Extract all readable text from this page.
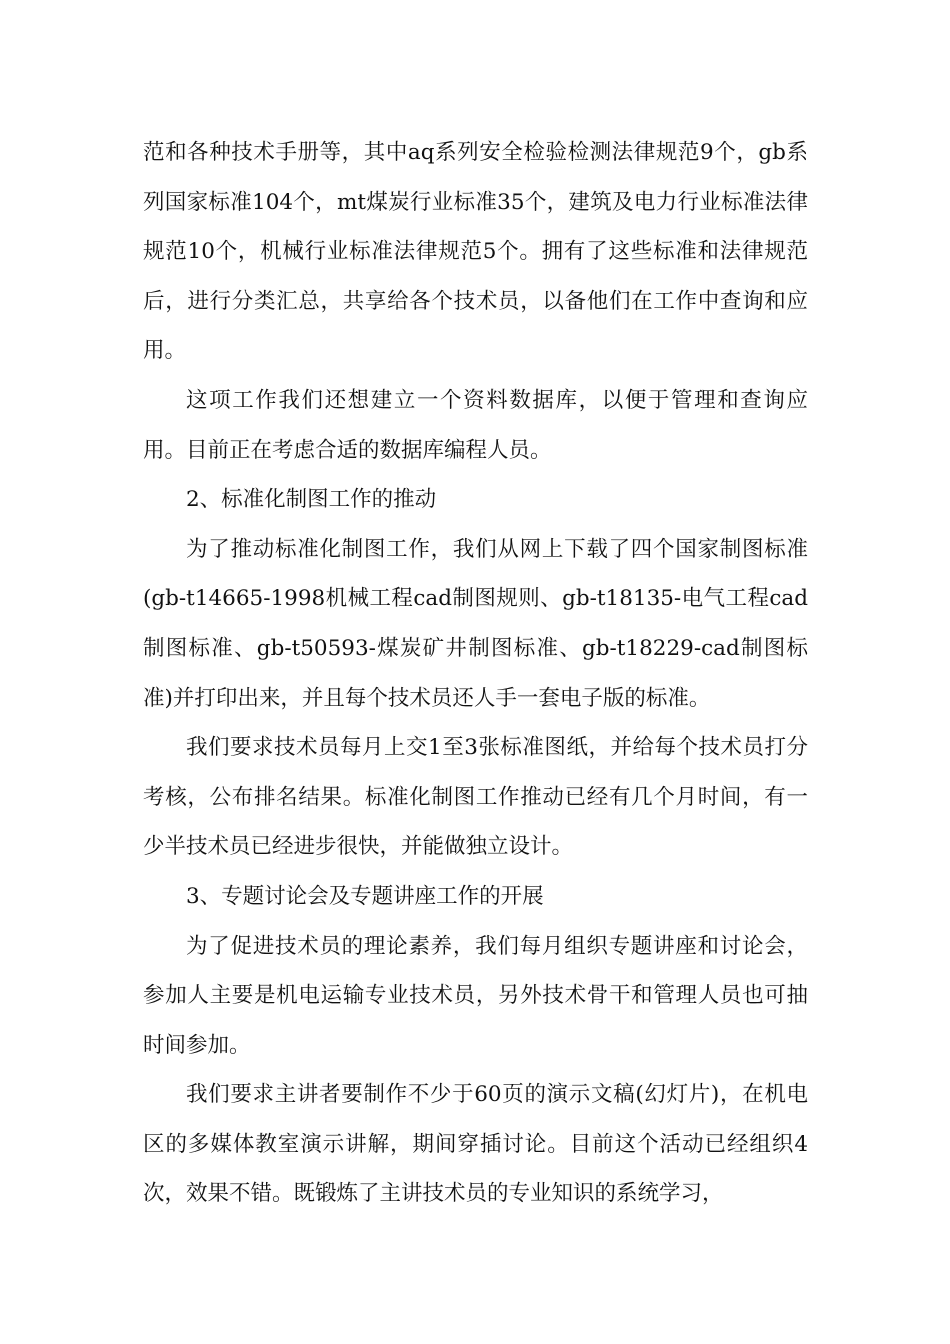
范和各种技术手册等，其中aq系列安全检验检测法律规范9个，gb系列国家标准104个，mt煤炭行业标准35个，建筑及电力行业标准法律规范10个，机械行业标准法律规范5个。拥有了这些标准和法律规范后，进行分类汇总，共享给各个技术员，以备他们在工作中查询和应用。

这项工作我们还想建立一个资料数据库，以便于管理和查询应用。目前正在考虑合适的数据库编程人员。

2、标准化制图工作的推动

为了推动标准化制图工作，我们从网上下载了四个国家制图标准(gb-t14665-1998机械工程cad制图规则、gb-t18135-电气工程cad制图标准、gb-t50593-煤炭矿井制图标准、gb-t18229-cad制图标准)并打印出来，并且每个技术员还人手一套电子版的标准。

我们要求技术员每月上交1至3张标准图纸，并给每个技术员打分考核，公布排名结果。标准化制图工作推动已经有几个月时间，有一少半技术员已经进步很快，并能做独立设计。

3、专题讨论会及专题讲座工作的开展

为了促进技术员的理论素养，我们每月组织专题讲座和讨论会，参加人主要是机电运输专业技术员，另外技术骨干和管理人员也可抽时间参加。

我们要求主讲者要制作不少于60页的演示文稿(幻灯片)，在机电区的多媒体教室演示讲解，期间穿插讨论。目前这个活动已经组织4次，效果不错。既锻炼了主讲技术员的专业知识的系统学习，
